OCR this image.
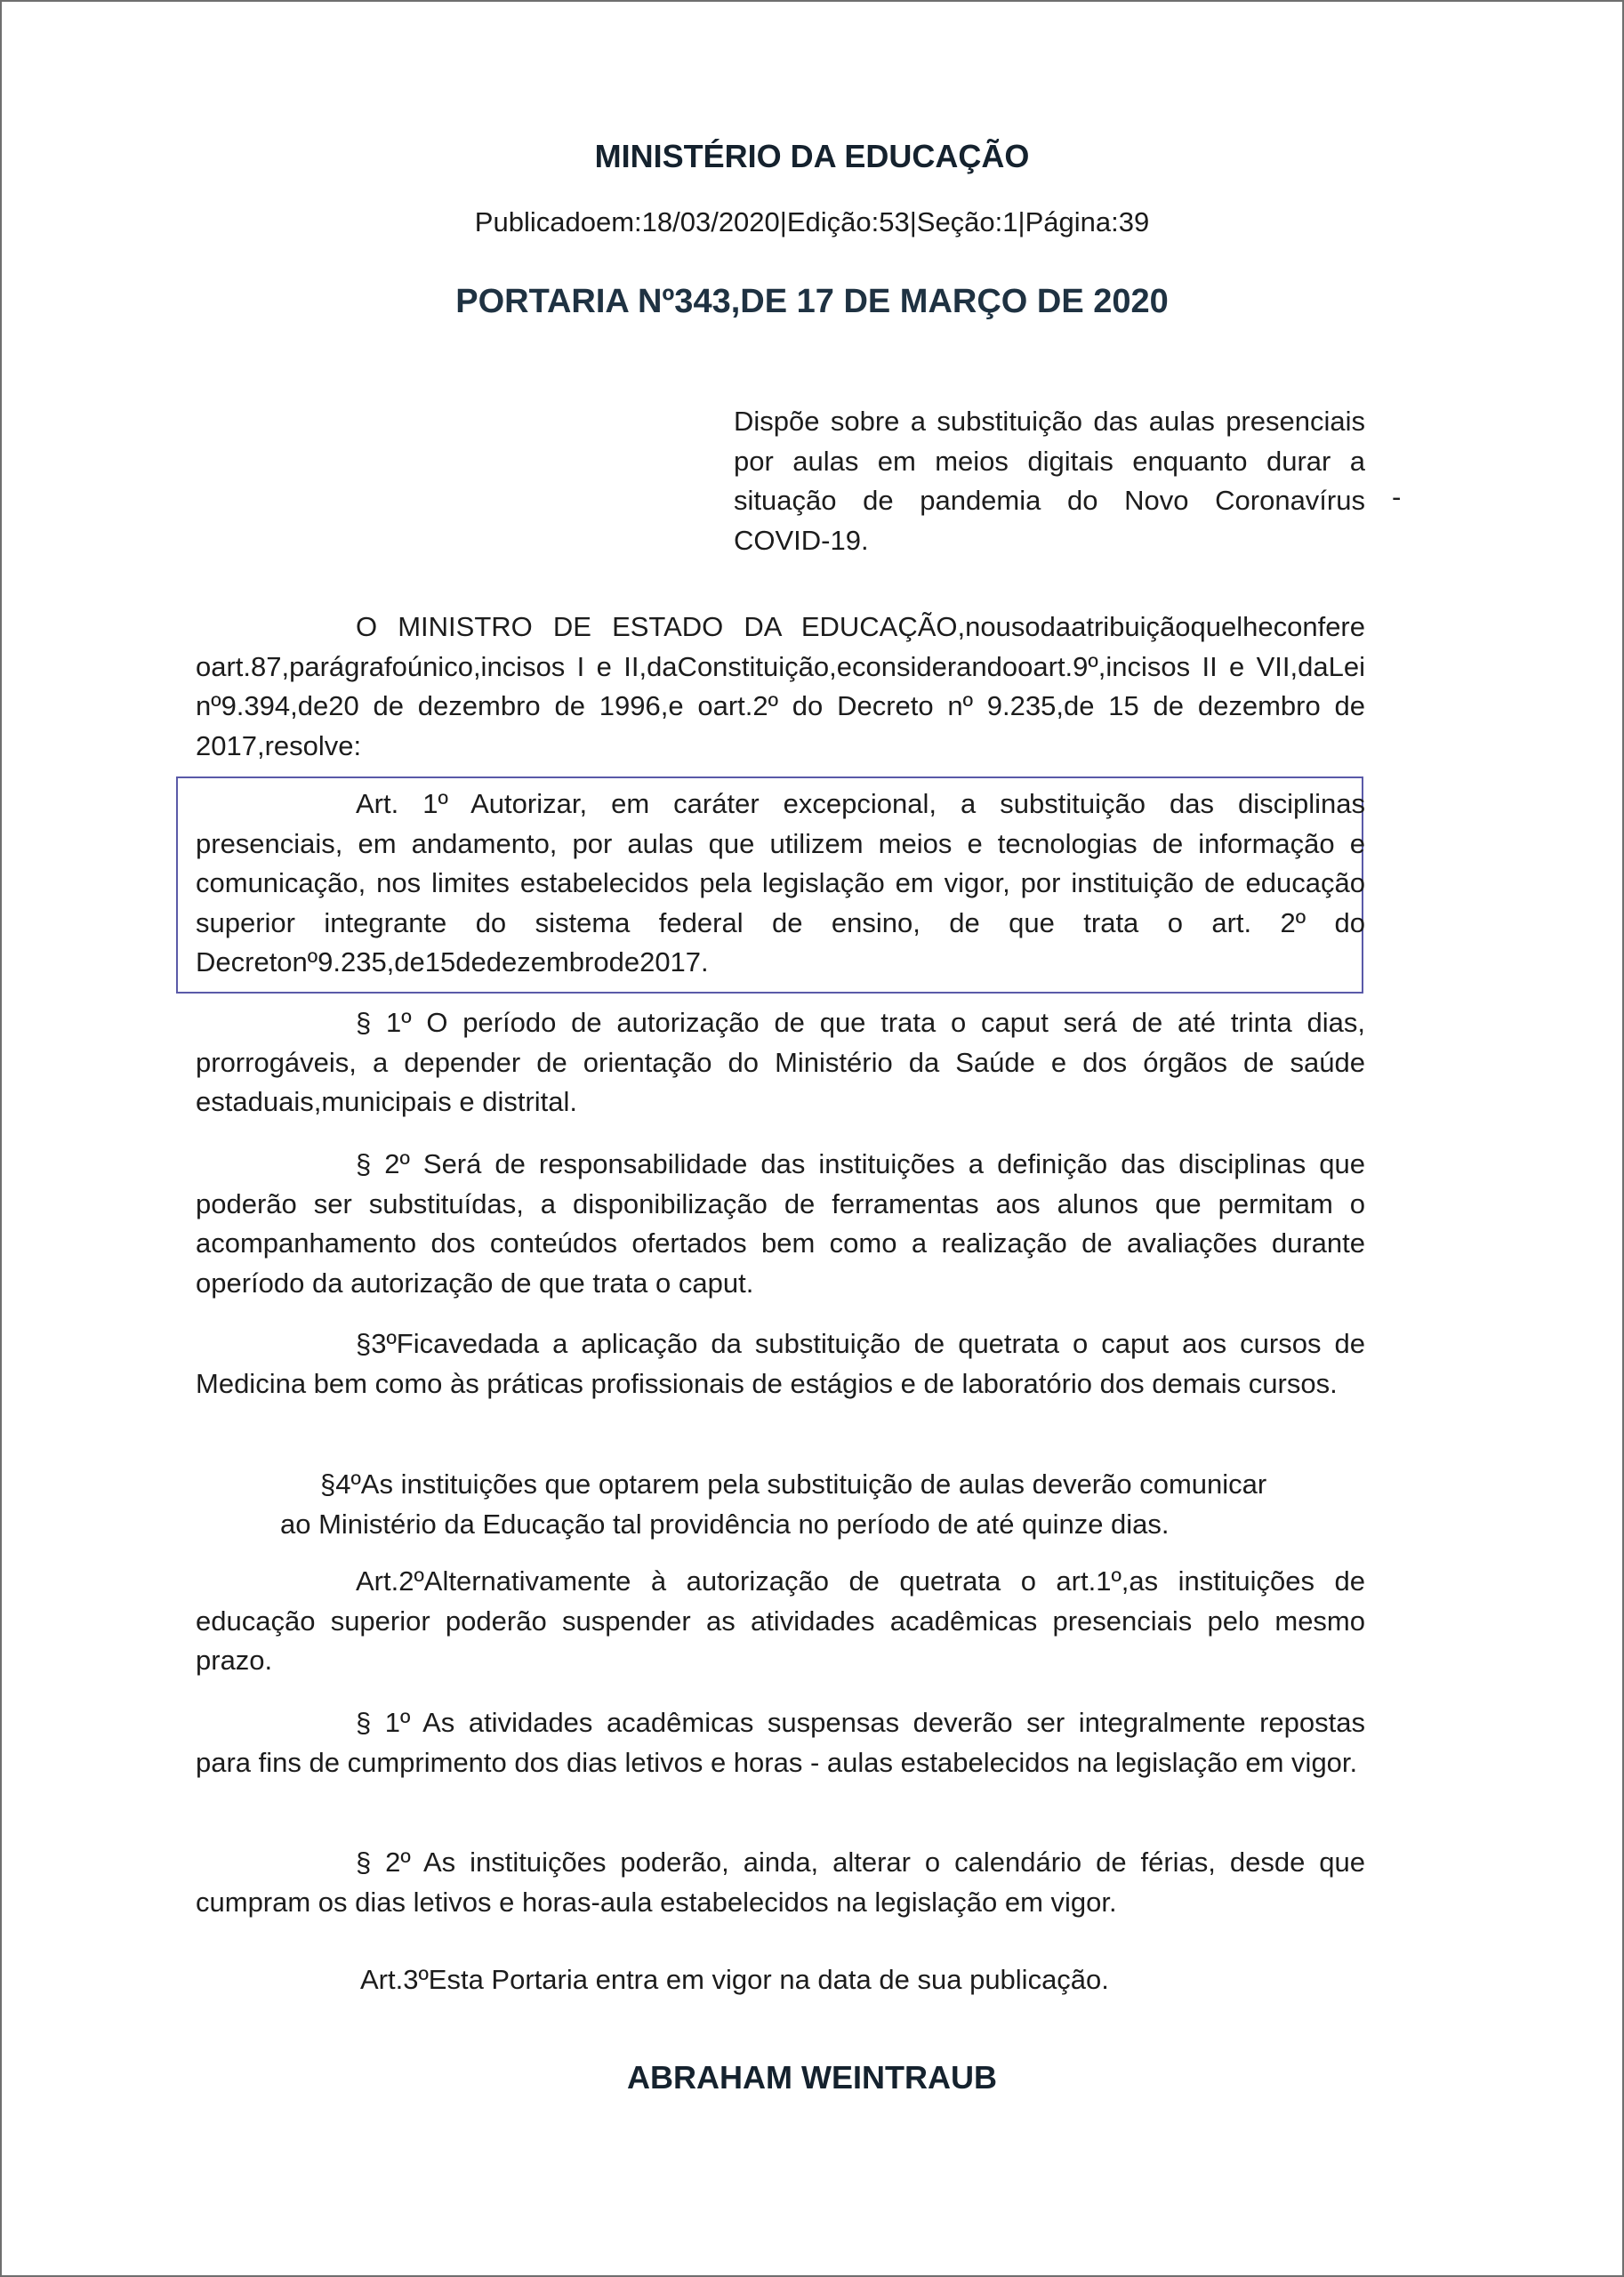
MINISTÉRIO DA EDUCAÇÃO

Publicadoem:18/03/2020|Edição:53|Seção:1|Página:39

PORTARIA Nº343,DE 17 DE MARÇO DE 2020

Dispõe sobre a substituição das aulas presenciais por aulas em meios digitais enquanto durar a situação de pandemia do Novo Coronavírus COVID-19.

-

O MINISTRO DE ESTADO DA EDUCAÇÃO,nousodaatribuiçãoquelheconfere oart.87,parágrafoúnico,incisos I e II,daConstituição,econsiderandooart.9º,incisos II e VII,daLei nº9.394,de20 de dezembro de 1996,e oart.2º do Decreto nº 9.235,de 15 de dezembro de 2017,resolve:

Art. 1º Autorizar, em caráter excepcional, a substituição das disciplinas presenciais, em andamento, por aulas que utilizem meios e tecnologias de informação e comunicação, nos limites estabelecidos pela legislação em vigor, por instituição de educação superior integrante do sistema federal de ensino, de que trata o art. 2º do Decretonº9.235,de15dedezembrode2017.

§ 1º O período de autorização de que trata o caput será de até trinta dias, prorrogáveis, a depender de orientação do Ministério da Saúde e dos órgãos de saúde estaduais,municipais e distrital.

§ 2º Será de responsabilidade das instituições a definição das disciplinas que poderão ser substituídas, a disponibilização de ferramentas aos alunos que permitam o acompanhamento dos conteúdos ofertados bem como a realização de avaliações durante operíodo da autorização de que trata o caput.

§3ºFicavedada a aplicação da substituição de quetrata o caput aos cursos de Medicina bem como às práticas profissionais de estágios e de laboratório dos demais cursos.

§4ºAs instituições que optarem pela substituição de aulas deverão comunicar
ao Ministério da Educação tal providência no período de até quinze dias.

Art.2ºAlternativamente à autorização de quetrata o art.1º,as instituições de educação superior poderão suspender as atividades acadêmicas presenciais pelo mesmo prazo.

§ 1º As atividades acadêmicas suspensas deverão ser integralmente repostas para fins de cumprimento dos dias letivos e horas - aulas estabelecidos na legislação em vigor.

§ 2º As instituições poderão, ainda, alterar o calendário de férias, desde que cumpram os dias letivos e horas-aula estabelecidos na legislação em vigor.

Art.3ºEsta Portaria entra em vigor na data de sua publicação.

ABRAHAM WEINTRAUB
